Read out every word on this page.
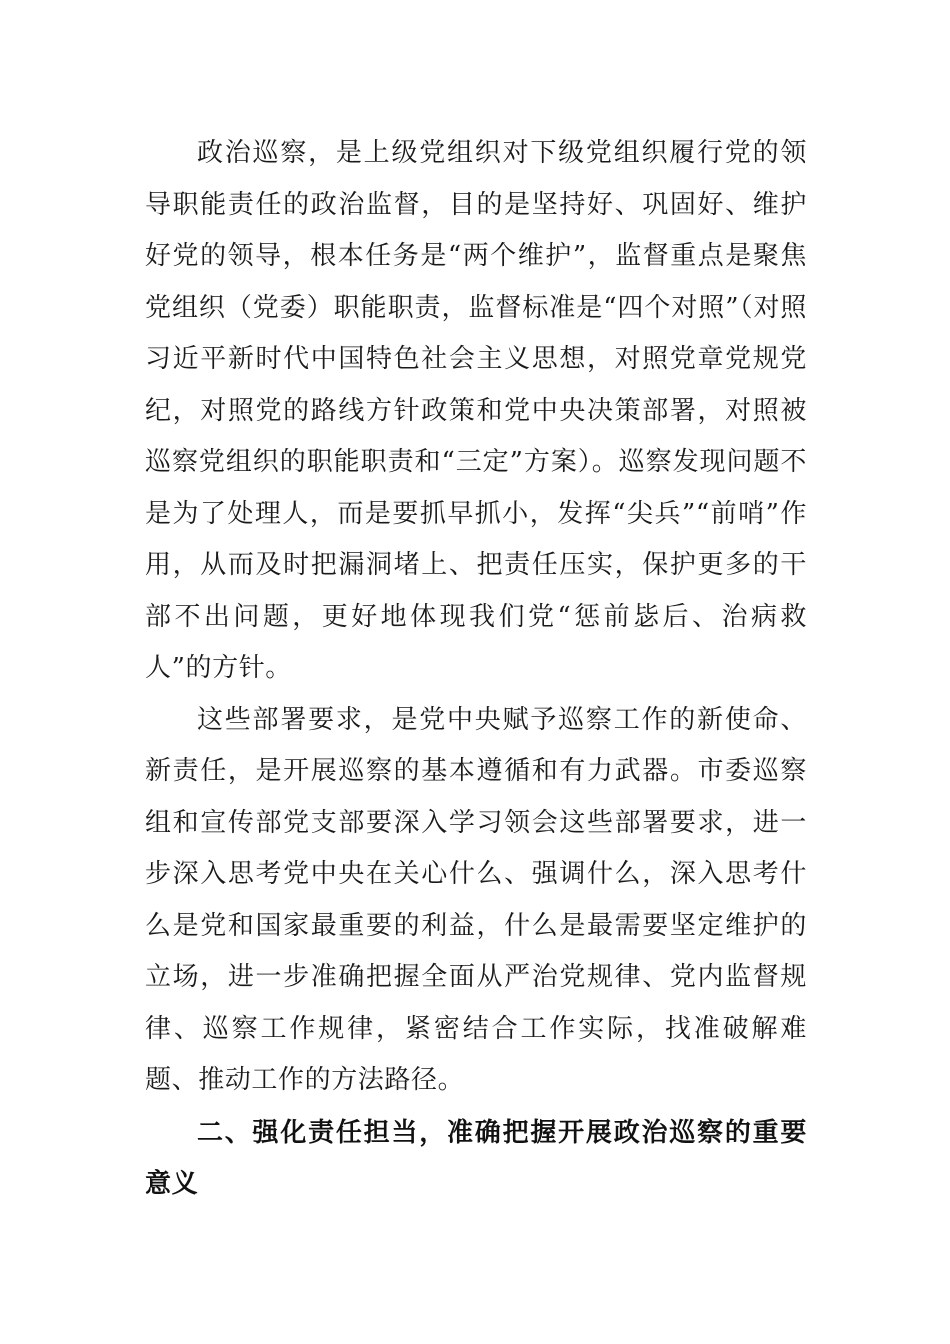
政治巡察，是上级党组织对下级党组织履行党的领导职能责任的政治监督，目的是坚持好、巩固好、维护好党的领导，根本任务是“两个维护”，监督重点是聚焦党组织（党委）职能职责，监督标准是“四个对照”（对照习近平新时代中国特色社会主义思想，对照党章党规党纪，对照党的路线方针政策和党中央决策部署，对照被巡察党组织的职能职责和“三定”方案）。巡察发现问题不是为了处理人，而是要抓早抓小，发挥“尖兵”“前哨”作用，从而及时把漏洞堵上、把责任压实，保护更多的干部不出问题，更好地体现我们党“惩前毖后、治病救人”的方针。

这些部署要求，是党中央赋予巡察工作的新使命、新责任，是开展巡察的基本遵循和有力武器。市委巡察组和宣传部党支部要深入学习领会这些部署要求，进一步深入思考党中央在关心什么、强调什么，深入思考什么是党和国家最重要的利益，什么是最需要坚定维护的立场，进一步准确把握全面从严治党规律、党内监督规律、巡察工作规律，紧密结合工作实际，找准破解难题、推动工作的方法路径。

二、强化责任担当，准确把握开展政治巡察的重要意义
